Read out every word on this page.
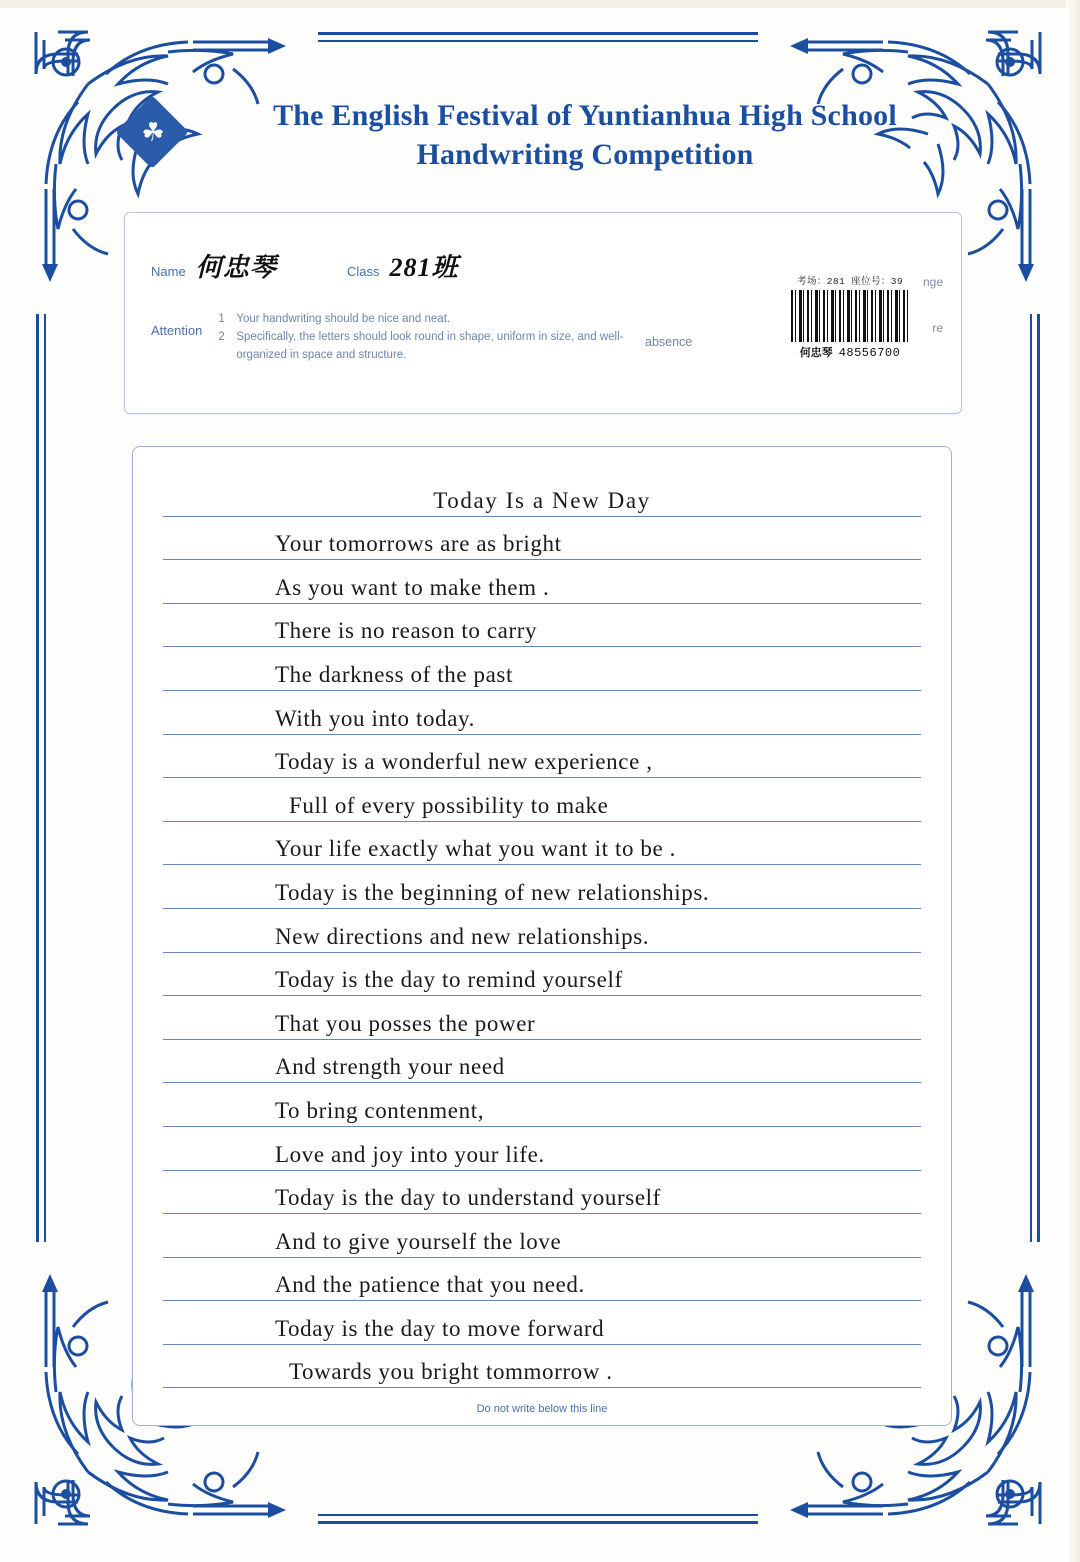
☘
The English Festival of Yuntianhua High School
Handwriting Competition
Name 何忠琴	Class 281班
Attention
1	Your handwriting should be nice and neat.
2	Specifically, the letters should look round in shape, uniform in size, and well-organized in space and structure.
absence
考场：281 座位号：39
何忠琴 48556700
nge
re
Today Is a New Day
Your tomorrows are as bright
As you want to make them .
There is no reason to carry
The darkness of the past
With you into today.
Today is a wonderful new experience ,
Full of every possibility to make
Your life exactly what you want it to be .
Today is the beginning of new relationships.
New directions and new relationships.
Today is the day to remind yourself
That you posses the power
And strength your need
To bring contenment,
Love and joy into your life.
Today is the day to understand yourself
And to give yourself the love
And the patience that you need.
Today is the day to move forward
Towards you bright tommorrow .
Do not write below this line
